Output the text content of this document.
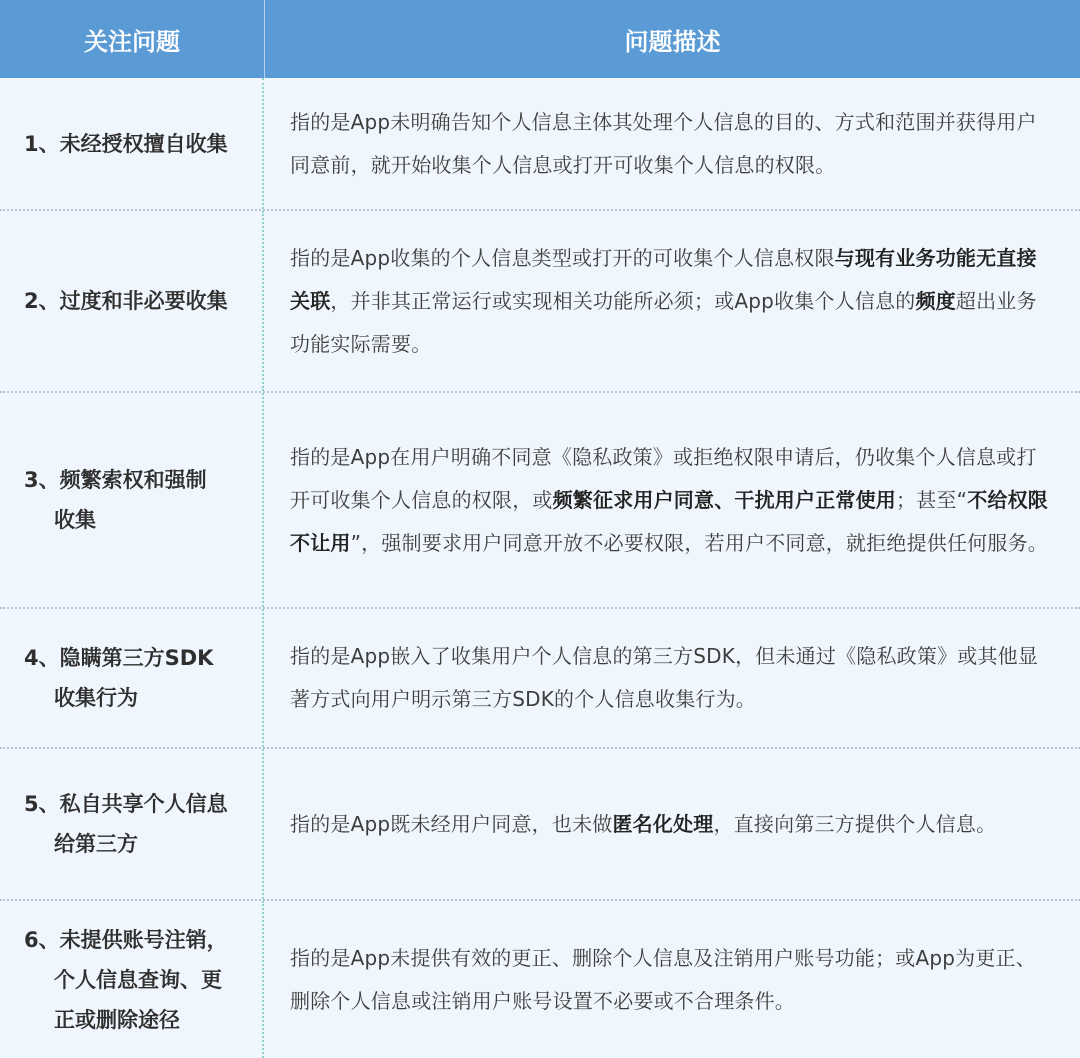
关注问题	问题描述
1、未经授权擅自收集
指的是App未明确告知个人信息主体其处理个人信息的目的、方式和范围并获得用户同意前，就开始收集个人信息或打开可收集个人信息的权限。
2、过度和非必要收集
指的是App收集的个人信息类型或打开的可收集个人信息权限与现有业务功能无直接关联，并非其正常运行或实现相关功能所必须；或App收集个人信息的频度超出业务功能实际需要。
3、频繁索权和强制
收集
指的是App在用户明确不同意《隐私政策》或拒绝权限申请后，仍收集个人信息或打开可收集个人信息的权限，或频繁征求用户同意、干扰用户正常使用；甚至“不给权限不让用”，强制要求用户同意开放不必要权限，若用户不同意，就拒绝提供任何服务。
4、隐瞒第三方SDK
收集行为
指的是App嵌入了收集用户个人信息的第三方SDK，但未通过《隐私政策》或其他显著方式向用户明示第三方SDK的个人信息收集行为。
5、私自共享个人信息
给第三方
指的是App既未经用户同意，也未做匿名化处理，直接向第三方提供个人信息。
6、未提供账号注销，
个人信息查询、更
正或删除途径
指的是App未提供有效的更正、删除个人信息及注销用户账号功能；或App为更正、删除个人信息或注销用户账号设置不必要或不合理条件。
